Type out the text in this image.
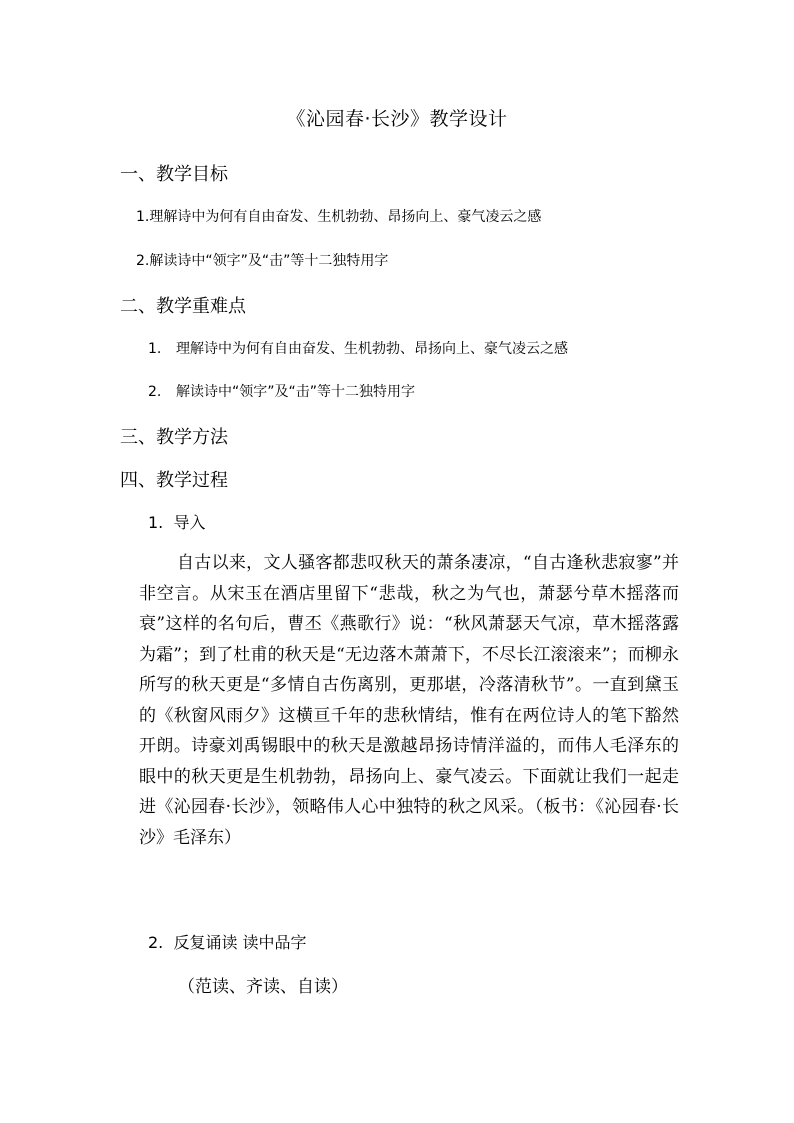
《沁园春·长沙》教学设计
一、教学目标
1.理解诗中为何有自由奋发、生机勃勃、昂扬向上、豪气凌云之感
2.解读诗中“领字”及“击”等十二独特用字
二、教学重难点
1. 理解诗中为何有自由奋发、生机勃勃、昂扬向上、豪气凌云之感
2. 解读诗中“领字”及“击”等十二独特用字
三、教学方法
四、教学过程
1.  导入

自古以来，文人骚客都悲叹秋天的萧条凄凉，“自古逢秋悲寂寥”并非空言。从宋玉在酒店里留下“悲哉，秋之为气也，萧瑟兮草木摇落而衰”这样的名句后，曹丕《燕歌行》说：“秋风萧瑟天气凉，草木摇落露为霜”；到了杜甫的秋天是“无边落木萧萧下，不尽长江滚滚来”；而柳永所写的秋天更是“多情自古伤离别，更那堪，冷落清秋节”。一直到黛玉的《秋窗风雨夕》这横亘千年的悲秋情结，惟有在两位诗人的笔下豁然开朗。诗豪刘禹锡眼中的秋天是激越昂扬诗情洋溢的，而伟人毛泽东的眼中的秋天更是生机勃勃，昂扬向上、豪气凌云。下面就让我们一起走进《沁园春·长沙》，领略伟人心中独特的秋之风采。（板书：《沁园春·长沙》毛泽东）

2.  反复诵读 读中品字
（范读、齐读、自读）
